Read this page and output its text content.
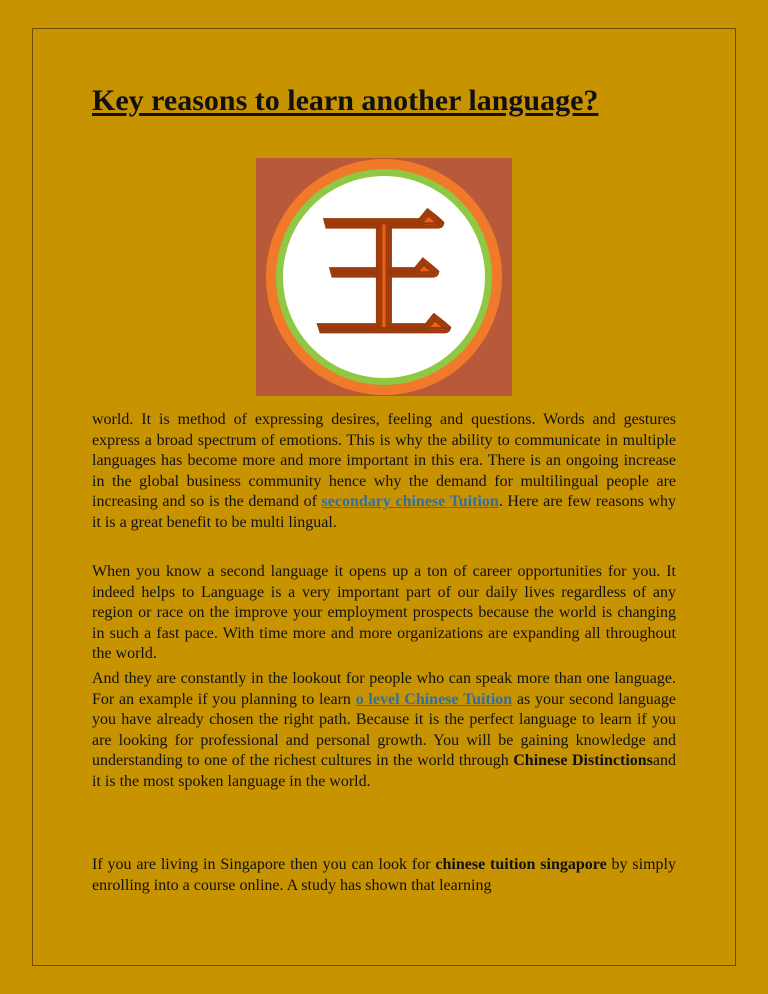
Key reasons to learn another language?
王

world. It is method of expressing desires, feeling and questions. Words and gestures express a broad spectrum of emotions. This is why the ability to communicate in multiple languages has become more and more important in this era. There is an ongoing increase in the global business community hence why the demand for multilingual people are increasing and so is the demand of secondary chinese Tuition. Here are few reasons why it is a great benefit to be multi lingual.

When you know a second language it opens up a ton of career opportunities for you. It indeed helps to Language is a very important part of our daily lives regardless of any region or race on the improve your employment prospects because the world is changing in such a fast pace. With time more and more organizations are expanding all throughout the world.

And they are constantly in the lookout for people who can speak more than one language. For an example if you planning to learn o level Chinese Tuition as your second language you have already chosen the right path. Because it is the perfect language to learn if you are looking for professional and personal growth. You will be gaining knowledge and understanding to one of the richest cultures in the world through Chinese Distinctionsand it is the most spoken language in the world.

If you are living in Singapore then you can look for chinese tuition singapore by simply enrolling into a course online. A study has shown that learning
